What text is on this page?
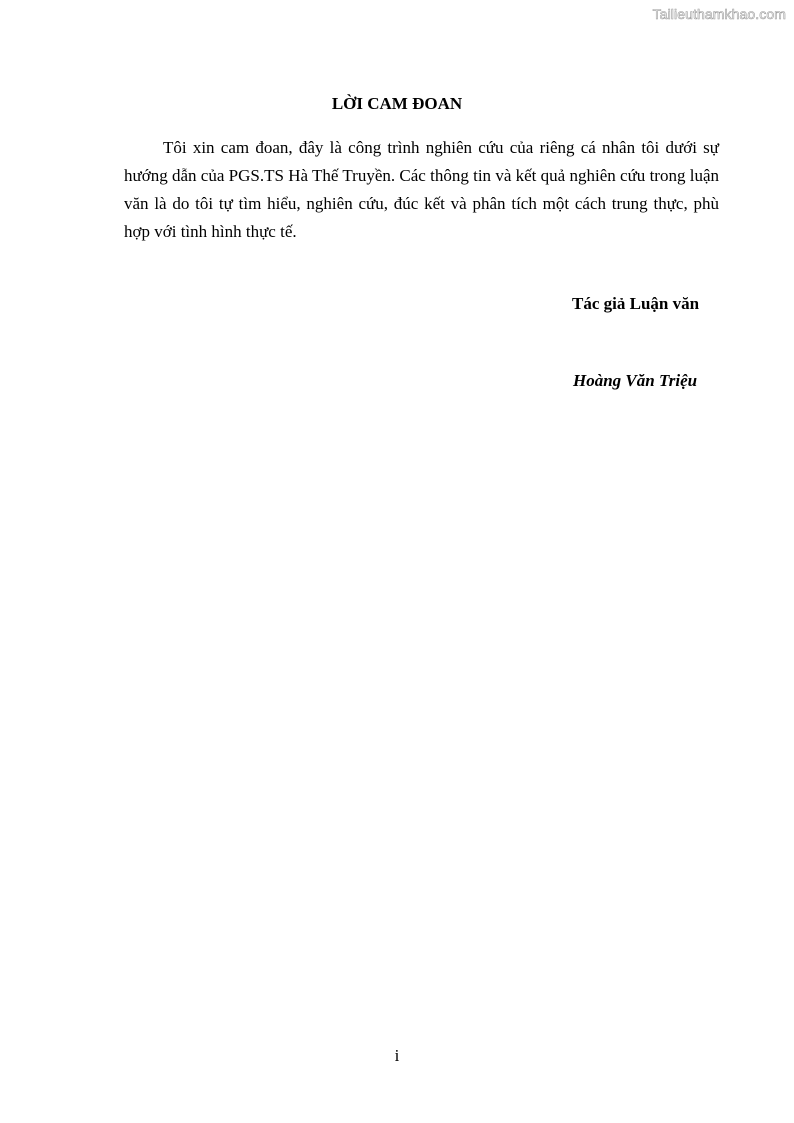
Tailieuthamkhao.com
LỜI CAM ĐOAN

Tôi xin cam đoan, đây là công trình nghiên cứu của riêng cá nhân tôi dưới sự hướng dẫn của PGS.TS Hà Thế Truyền. Các thông tin và kết quả nghiên cứu trong luận văn là do tôi tự tìm hiểu, nghiên cứu, đúc kết và phân tích một cách trung thực, phù hợp với tình hình thực tế.

Tác giả Luận văn
Hoàng Văn Triệu
i
